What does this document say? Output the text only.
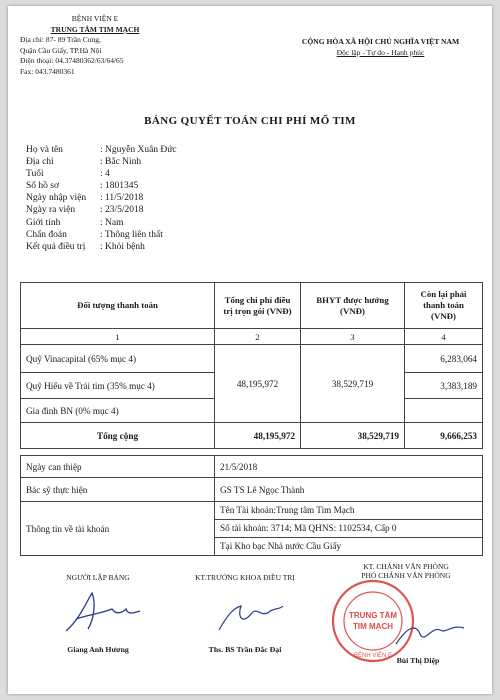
BỆNH VIỆN E
TRUNG TÂM TIM MẠCH
Địa chỉ: 87- 89 Trần Cung,
Quận Cầu Giấy, TP.Hà Nội
Điện thoại: 04.37480362/63/64/65
Fax: 043.7480361
CỘNG HÒA XÃ HỘI CHỦ NGHĨA VIỆT NAM
Độc lập - Tự do - Hạnh phúc
BẢNG QUYẾT TOÁN CHI PHÍ MỔ TIM
Họ và tên	: Nguyễn Xuân Đức
Địa chỉ	: Bắc Ninh
Tuổi	: 4
Số hồ sơ	: 1801345
Ngày nhập viện : 11/5/2018
Ngày ra viện	: 23/5/2018
Giới tính	: Nam
Chẩn đoán	: Thông liên thất
Kết quả điều trị : Khỏi bệnh
Đối tượng thanh toán	Tổng chi phí điều trị trọn gói (VNĐ)	BHYT được hưởng (VNĐ)	Còn lại phải thanh toán (VNĐ)
1	2	3	4
Quỹ Vinacapital (65% mục 4)	48,195,972	38,529,719	6,283,064
Quỹ Hiểu về Trái tim (35% mục 4)			3,383,189
Gia đình BN (0% mục 4)			
Tổng cộng	48,195,972	38,529,719	9,666,253
Ngày can thiệp	21/5/2018
Bác sỹ thực hiện	GS TS Lê Ngọc Thành
Thông tin về tài khoản	Tên Tài khoản:Trung tâm Tim Mạch
Số tài khoản: 3714; Mã QHNS: 1102534, Cấp 0
Tại Kho bạc Nhà nước Cầu Giấy
NGƯỜI LẬP BẢNG
Giang Anh Hương
KT.TRƯỞNG KHOA ĐIỀU TRỊ
Ths. BS Trần Đắc Đại
KT. CHÁNH VĂN PHÒNG
PHÓ CHÁNH VĂN PHÒNG
TRUNG TÂM
TIM MẠCH
BỆNH VIỆN E Bùi Thị Diệp
